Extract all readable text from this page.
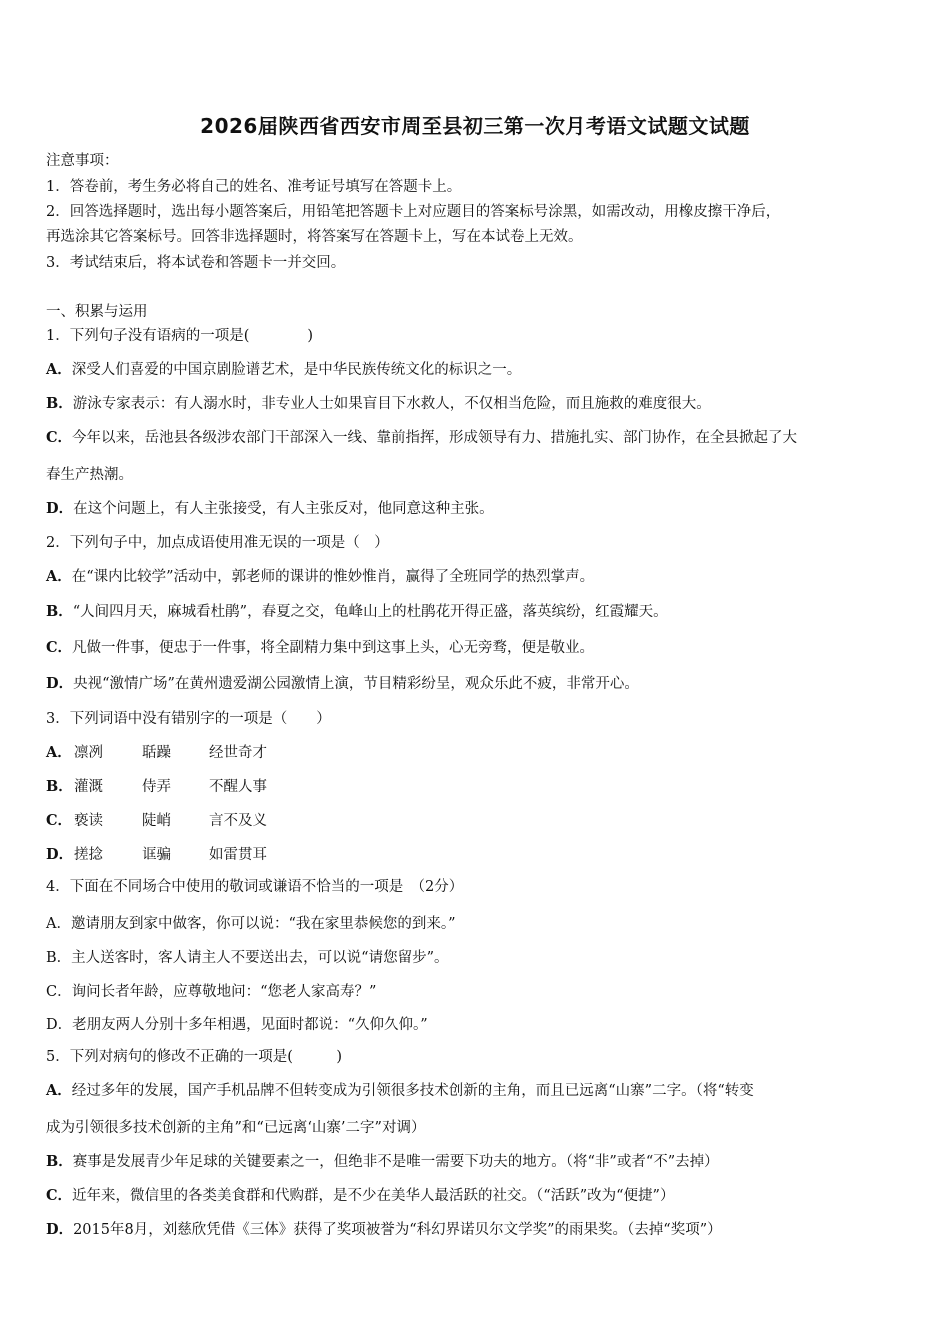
2026届陕西省西安市周至县初三第一次月考语文试题文试题
注意事项：
1．答卷前，考生务必将自己的姓名、准考证号填写在答题卡上。
2．回答选择题时，选出每小题答案后，用铅笔把答题卡上对应题目的答案标号涂黑，如需改动，用橡皮擦干净后，
再选涂其它答案标号。回答非选择题时，将答案写在答题卡上，写在本试卷上无效。
3．考试结束后，将本试卷和答题卡一并交回。
一、积累与运用
1．下列句子没有语病的一项是(　　　　)
A．深受人们喜爱的中国京剧脸谱艺术，是中华民族传统文化的标识之一。
B．游泳专家表示：有人溺水时，非专业人士如果盲目下水救人，不仅相当危险，而且施救的难度很大。
C．今年以来，岳池县各级涉农部门干部深入一线、靠前指挥，形成领导有力、措施扎实、部门协作，在全县掀起了大
春生产热潮。
D．在这个问题上，有人主张接受，有人主张反对，他同意这种主张。
2．下列句子中，加点成语使用准无误的一项是（　）
A．在“课内比较学”活动中，郭老师的课讲的惟妙惟肖，赢得了全班同学的热烈掌声。
B．“人间四月天，麻城看杜鹃”，春夏之交，龟峰山上的杜鹃花开得正盛，落英缤纷，红霞耀天。
C．凡做一件事，便忠于一件事，将全副精力集中到这事上头，心无旁骛，便是敬业。
D．央视“激情广场”在黄州遗爱湖公园激情上演，节目精彩纷呈，观众乐此不疲，非常开心。
3．下列词语中没有错别字的一项是（　　）
A． 凛冽	聒躁	经世奇才
B． 灌溉	侍弄	不醒人事
C． 亵读	陡峭	言不及义
D． 搓捻	诓骗	如雷贯耳
4．下面在不同场合中使用的敬词或谦语不恰当的一项是　（2分）
A．邀请朋友到家中做客，你可以说：“我在家里恭候您的到来。”
B．主人送客时，客人请主人不要送出去，可以说“请您留步”。
C．询问长者年龄，应尊敬地问：“您老人家高寿？”
D．老朋友两人分别十多年相遇，见面时都说：“久仰久仰。”
5．下列对病句的修改不正确的一项是(　　　)
A．经过多年的发展，国产手机品牌不但转变成为引领很多技术创新的主角，而且已远离“山寨”二字。（将“转变
成为引领很多技术创新的主角”和“已远离‘山寨’二字”对调）
B．赛事是发展青少年足球的关键要素之一，但绝非不是唯一需要下功夫的地方。（将“非”或者“不”去掉）
C．近年来，微信里的各类美食群和代购群，是不少在美华人最活跃的社交。（“活跃”改为“便捷”）
D．2015年8月，刘慈欣凭借《三体》获得了奖项被誉为“科幻界诺贝尔文学奖”的雨果奖。（去掉“奖项”）
